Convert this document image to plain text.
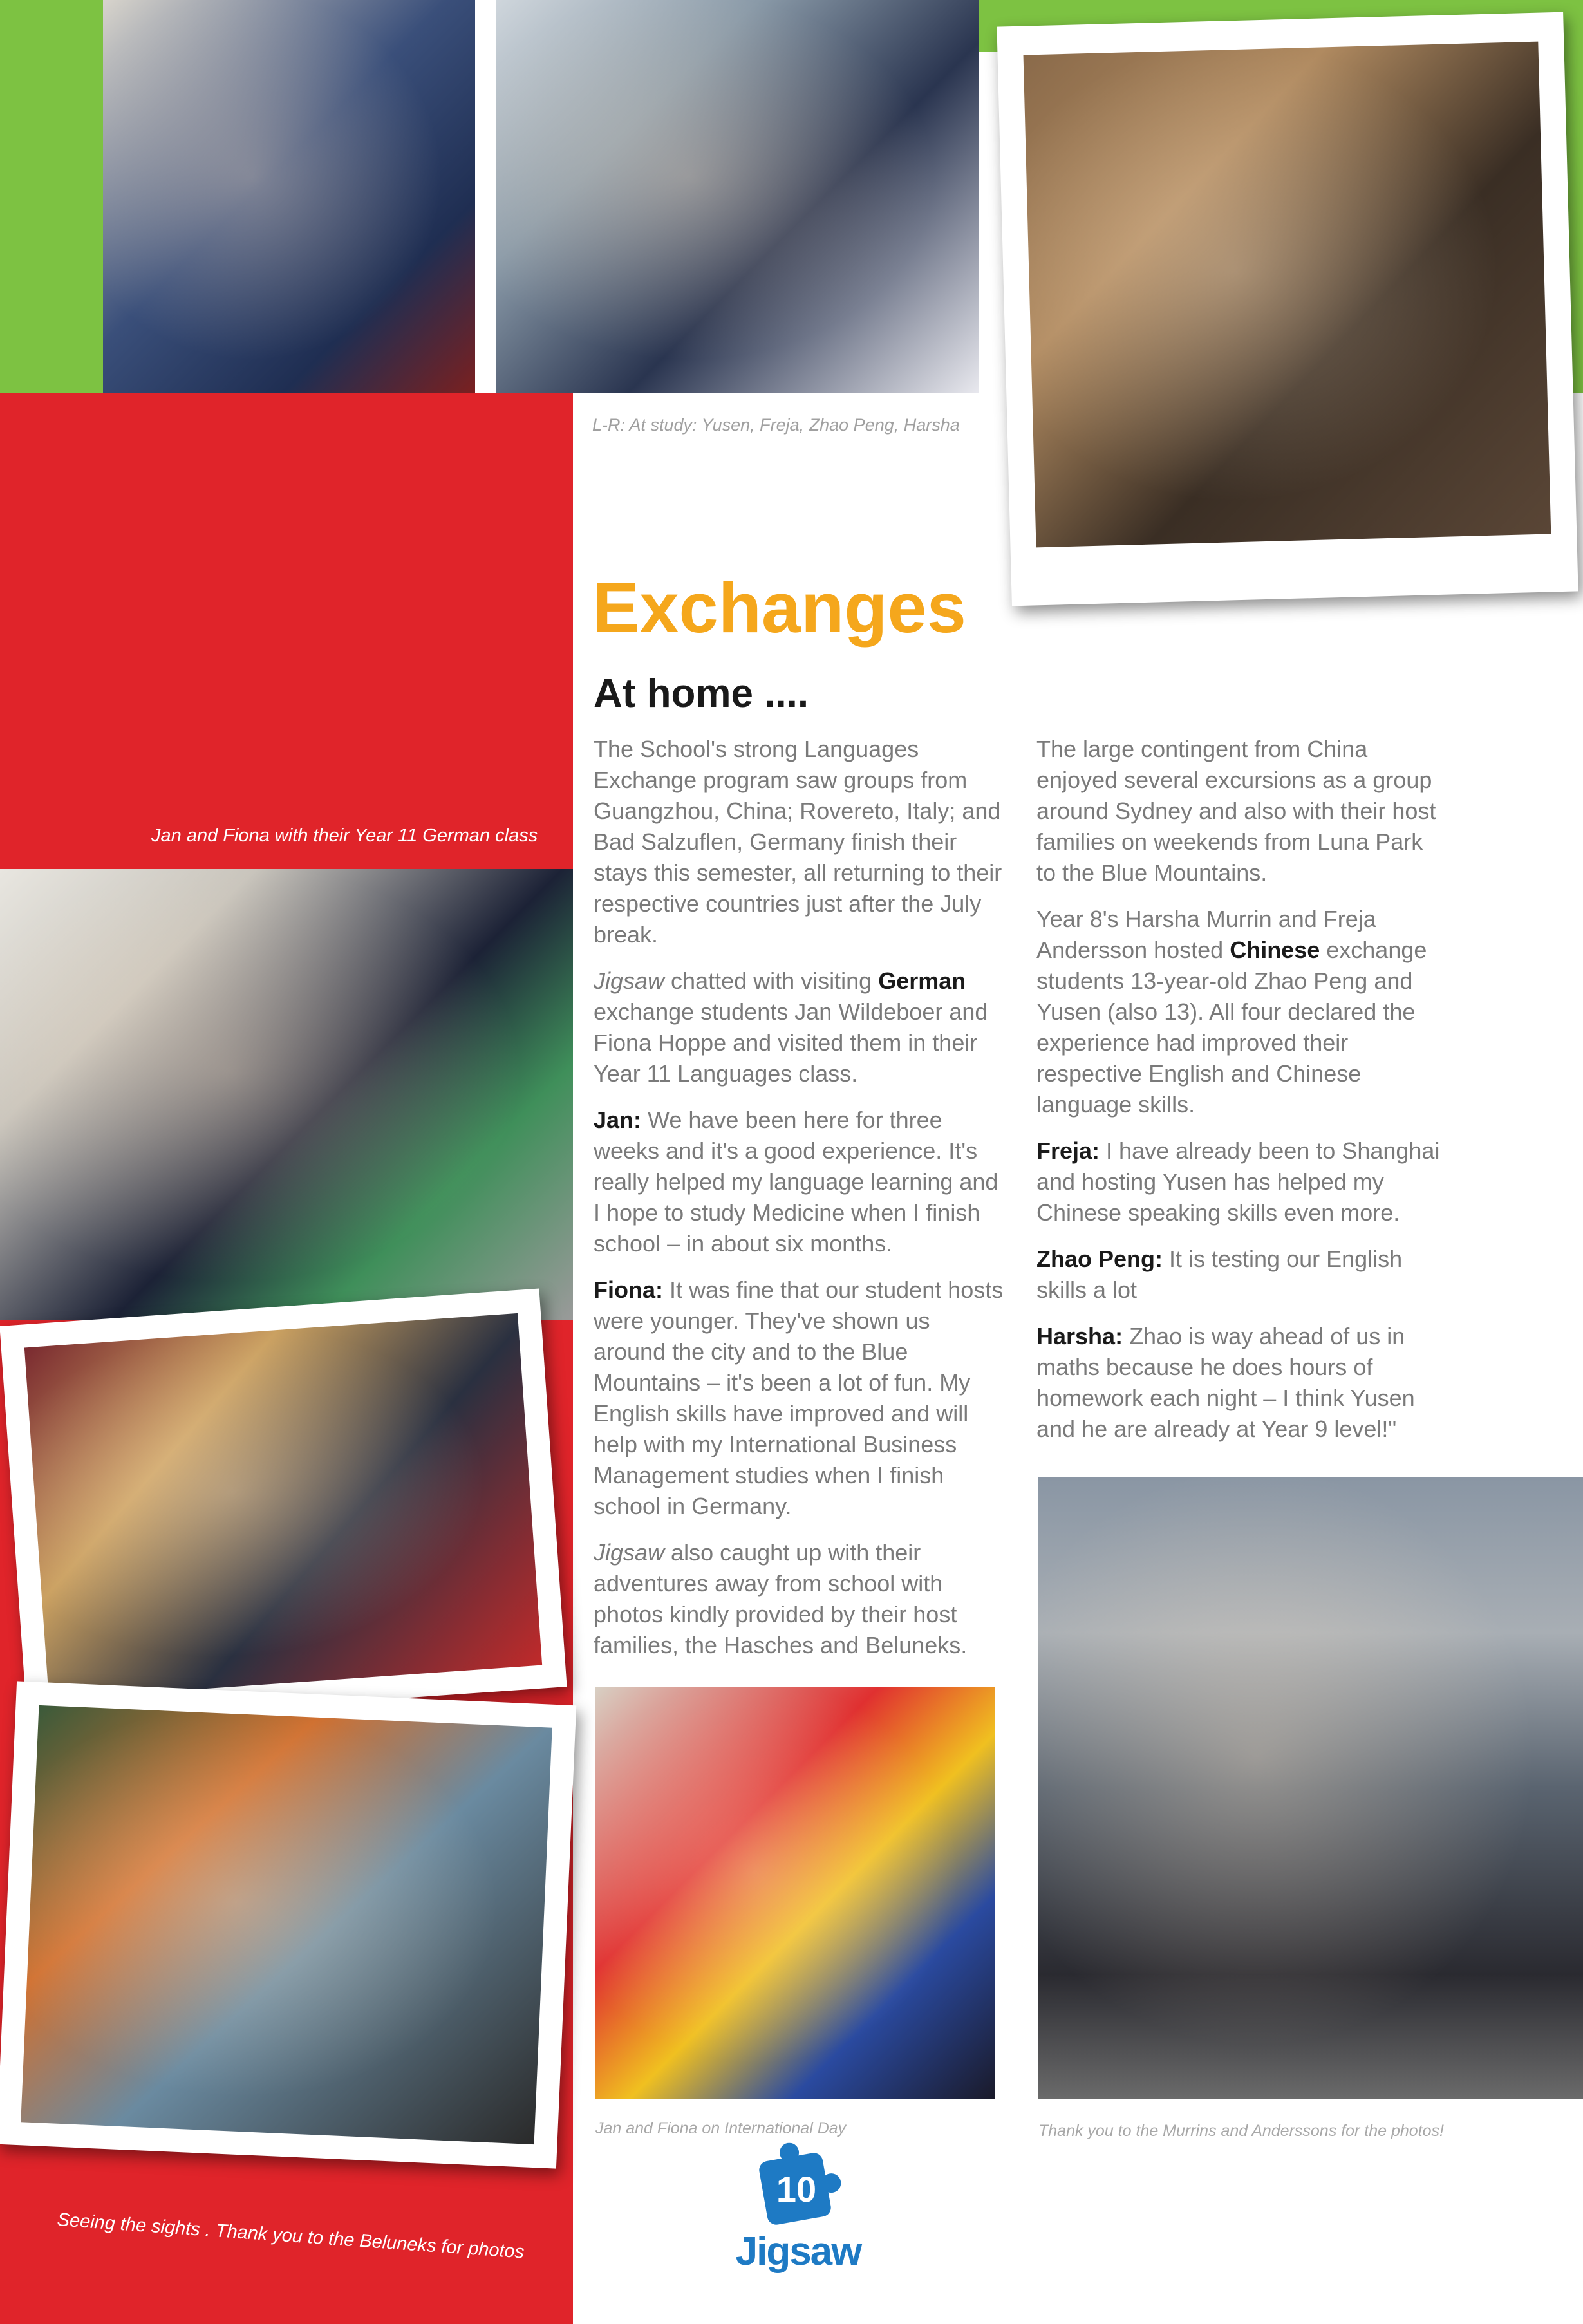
L-R: At study: Yusen, Freja, Zhao Peng, Harsha
Exchanges
At home ....

The School's strong Languages Exchange program saw groups from Guangzhou, China; Rovereto, Italy; and Bad Salzuflen, Germany finish their stays this semester, all returning to their respective countries just after the July break.

Jigsaw chatted with visiting German exchange students Jan Wildeboer and Fiona Hoppe and visited them in their Year 11 Languages class.

Jan: We have been here for three weeks and it's a good experience. It's really helped my language learning and I hope to study Medicine when I finish school – in about six months.

Fiona: It was fine that our student hosts were younger. They've shown us around the city and to the Blue Mountains – it's been a lot of fun. My English skills have improved and will help with my International Business Management studies when I finish school in Germany.

Jigsaw also caught up with their adventures away from school with photos kindly provided by their host families, the Hasches and Beluneks.

The large contingent from China enjoyed several excursions as a group around Sydney and also with their host families on weekends from Luna Park to the Blue Mountains.

Year 8's Harsha Murrin and Freja Andersson hosted Chinese exchange students 13-year-old Zhao Peng and Yusen (also 13). All four declared the experience had improved their respective English and Chinese language skills.

Freja: I have already been to Shanghai and hosting Yusen has helped my Chinese speaking skills even more.

Zhao Peng: It is testing our English skills a lot

Harsha: Zhao is way ahead of us in maths because he does hours of homework each night – I think Yusen and he are already at Year 9 level!"

Jan and Fiona with their Year 11 German class
Seeing the sights . Thank you to the Beluneks for photos
Jan and Fiona on International Day	Thank you to the Murrins and Anderssons for the photos!
10
Jigsaw
